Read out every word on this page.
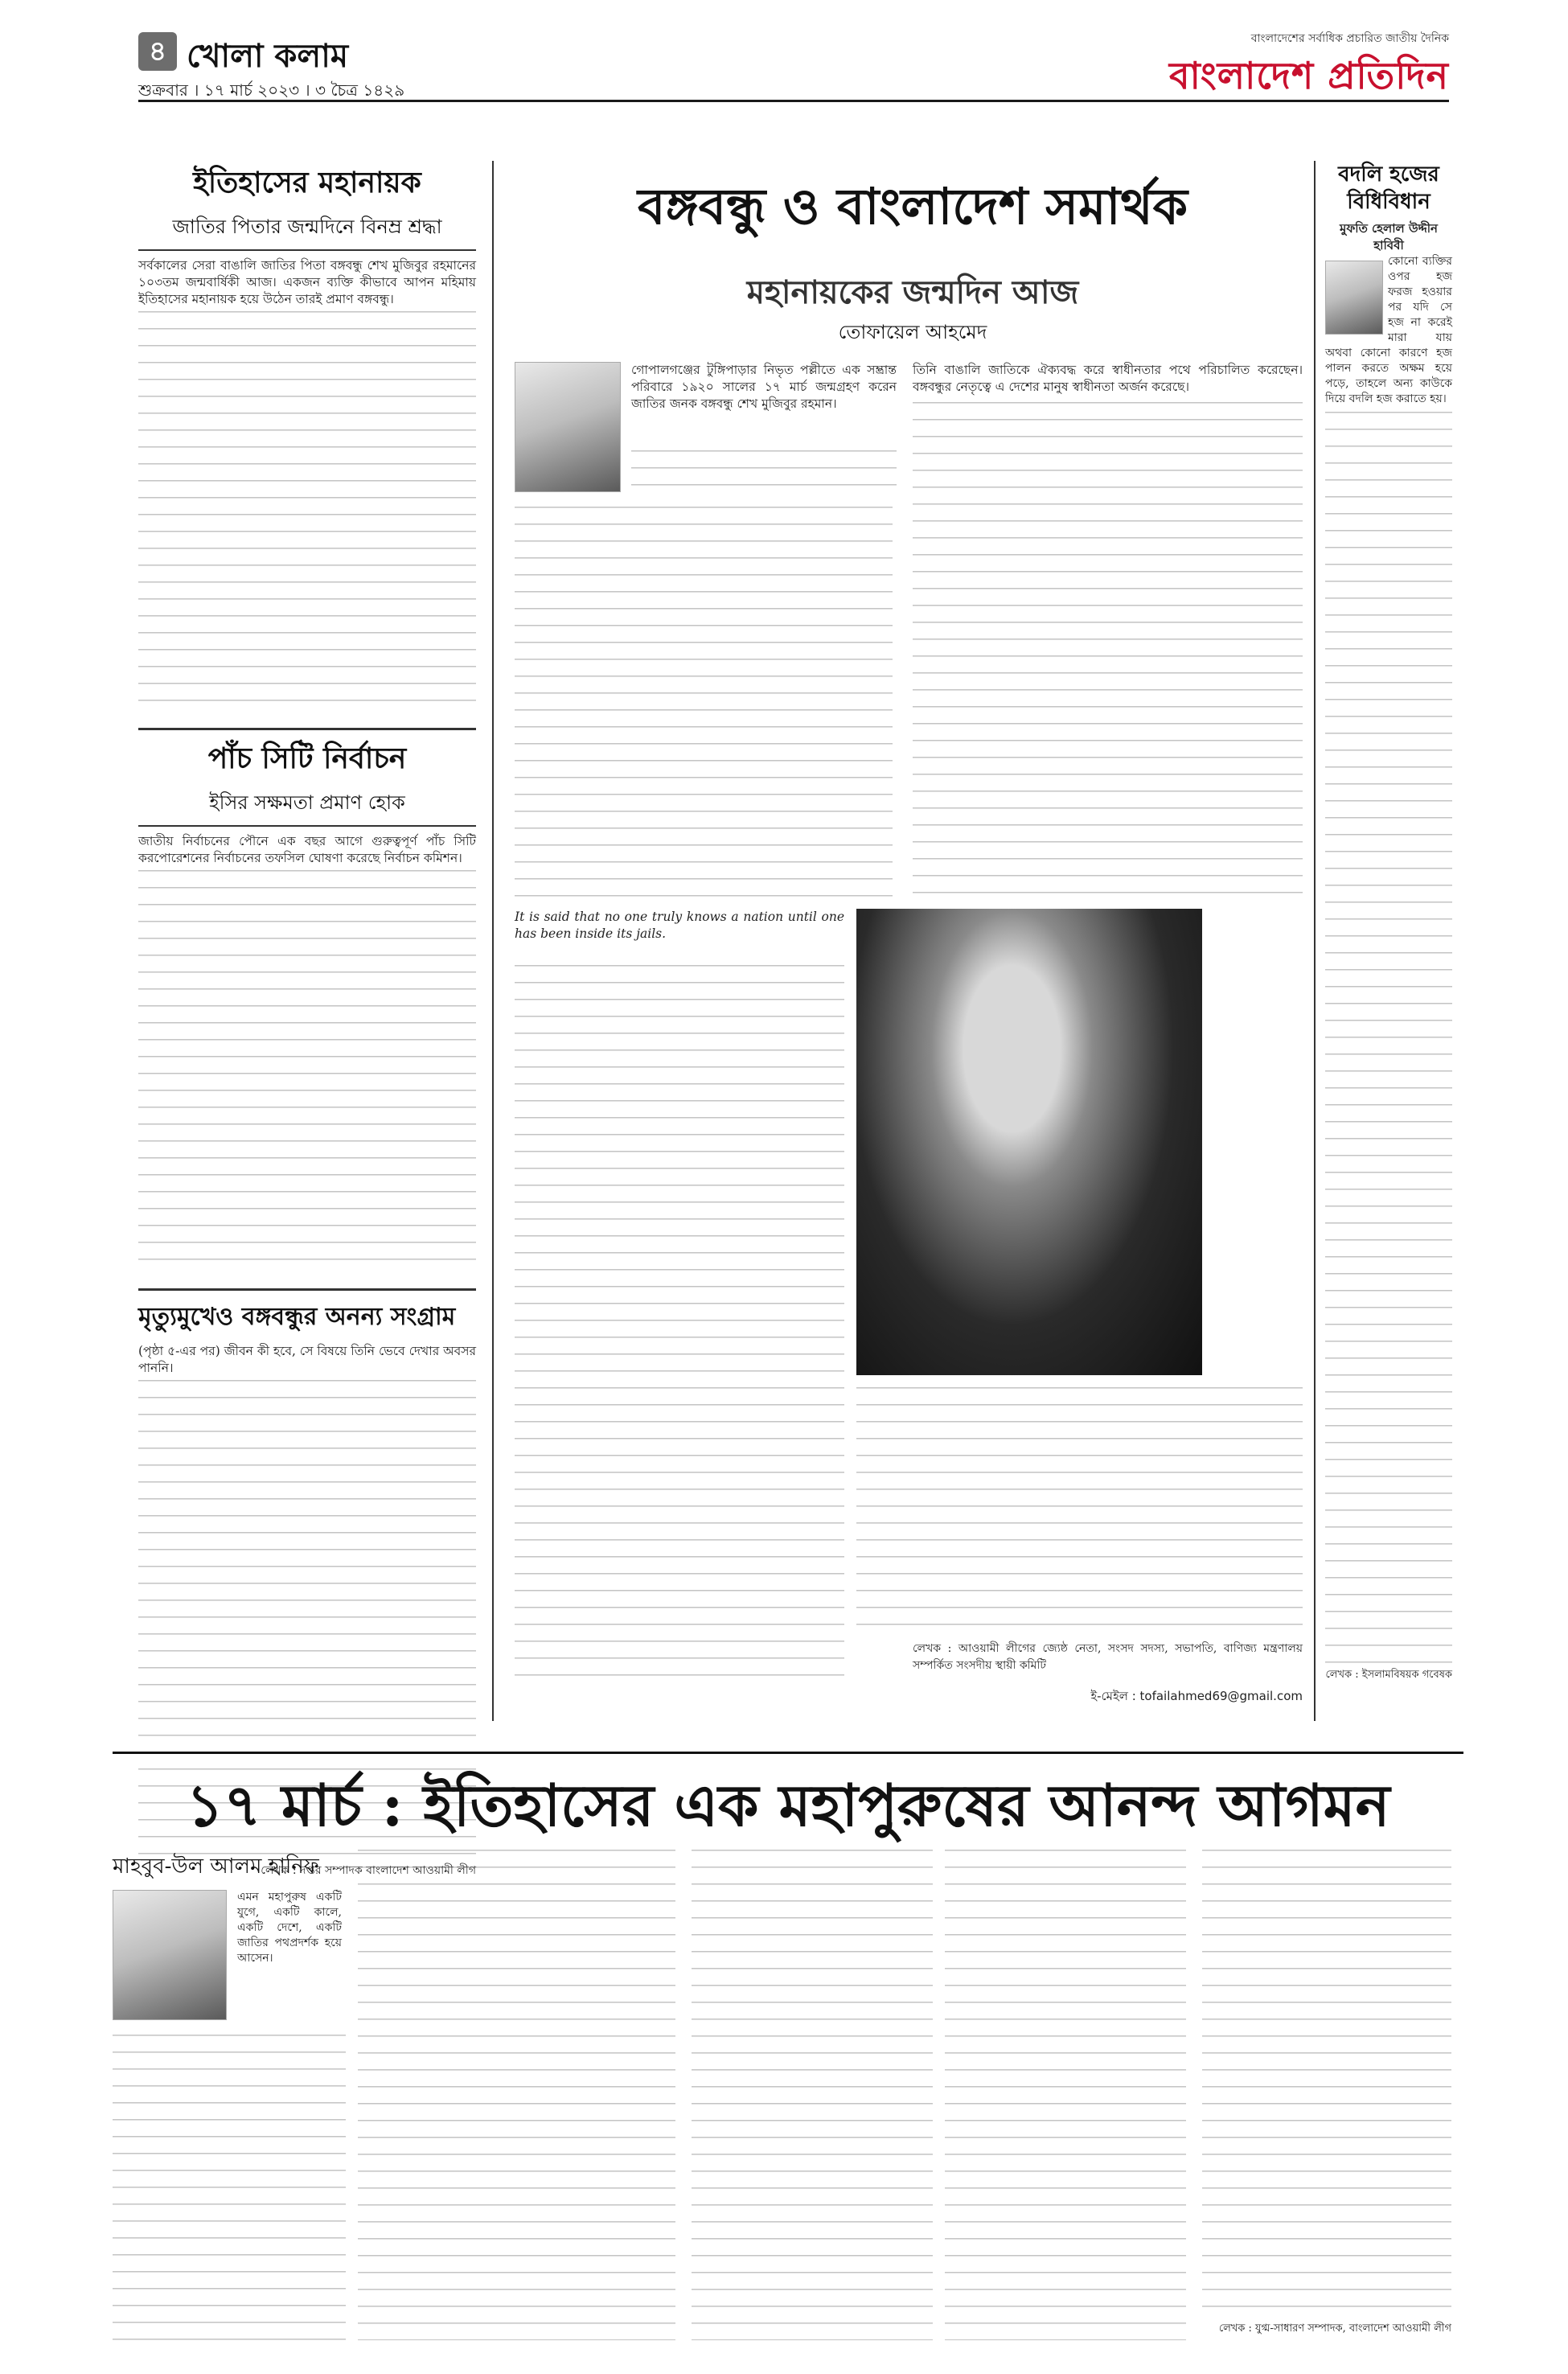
৪ খোলা কলাম
শুক্রবার । ১৭ মার্চ ২০২৩ । ৩ চৈত্র ১৪২৯
বাংলাদেশের সর্বাধিক প্রচারিত জাতীয় দৈনিক
বাংলাদেশ প্রতিদিন
ইতিহাসের মহানায়ক
জাতির পিতার জন্মদিনে বিনম্র শ্রদ্ধা
সর্বকালের সেরা বাঙালি জাতির পিতা বঙ্গবন্ধু শেখ মুজিবুর রহমানের ১০৩তম জন্মবার্ষিকী আজ। একজন ব্যক্তি কীভাবে আপন মহিমায় ইতিহাসের মহানায়ক হয়ে উঠেন তারই প্রমাণ বঙ্গবন্ধু।
পাঁচ সিটি নির্বাচন
ইসির সক্ষমতা প্রমাণ হোক
জাতীয় নির্বাচনের পৌনে এক বছর আগে গুরুত্বপূর্ণ পাঁচ সিটি করপোরেশনের নির্বাচনের তফসিল ঘোষণা করেছে নির্বাচন কমিশন।
মৃত্যুমুখেও বঙ্গবন্ধুর অনন্য সংগ্রাম
(পৃষ্ঠা ৫-এর পর) জীবন কী হবে, সে বিষয়ে তিনি ভেবে দেখার অবসর পাননি।
লেখক : দপ্তর সম্পাদক বাংলাদেশ আওয়ামী লীগ
বঙ্গবন্ধু ও বাংলাদেশ সমার্থক
মহানায়কের জন্মদিন আজ
তোফায়েল আহমেদ
গোপালগঞ্জের টুঙ্গিপাড়ার নিভৃত পল্লীতে এক সম্ভ্রান্ত পরিবারে ১৯২০ সালের ১৭ মার্চ জন্মগ্রহণ করেন জাতির জনক বঙ্গবন্ধু শেখ মুজিবুর রহমান।
It is said that no one truly knows a nation until one has been inside its jails.
তিনি বাঙালি জাতিকে ঐক্যবদ্ধ করে স্বাধীনতার পথে পরিচালিত করেছেন। বঙ্গবন্ধুর নেতৃত্বে এ দেশের মানুষ স্বাধীনতা অর্জন করেছে।
লেখক : আওয়ামী লীগের জ্যেষ্ঠ নেতা, সংসদ সদস্য, সভাপতি, বাণিজ্য মন্ত্রণালয় সম্পর্কিত সংসদীয় স্থায়ী কমিটি
ই-মেইল : tofailahmed69@gmail.com
বদলি হজের বিধিবিধান
মুফতি হেলাল উদ্দীন হাবিবী
কোনো ব্যক্তির ওপর হজ ফরজ হওয়ার পর যদি সে হজ না করেই মারা যায় অথবা কোনো কারণে হজ পালন করতে অক্ষম হয়ে পড়ে, তাহলে অন্য কাউকে দিয়ে বদলি হজ করাতে হয়।
লেখক : ইসলামবিষয়ক গবেষক
১৭ মার্চ : ইতিহাসের এক মহাপুরুষের আনন্দ আগমন
মাহবুব-উল আলম হানিফ
এমন মহাপুরুষ একটি যুগে, একটি কালে, একটি দেশে, একটি জাতির পথপ্রদর্শক হয়ে আসেন।
লেখক : যুগ্ম-সাধারণ সম্পাদক, বাংলাদেশ আওয়ামী লীগ
